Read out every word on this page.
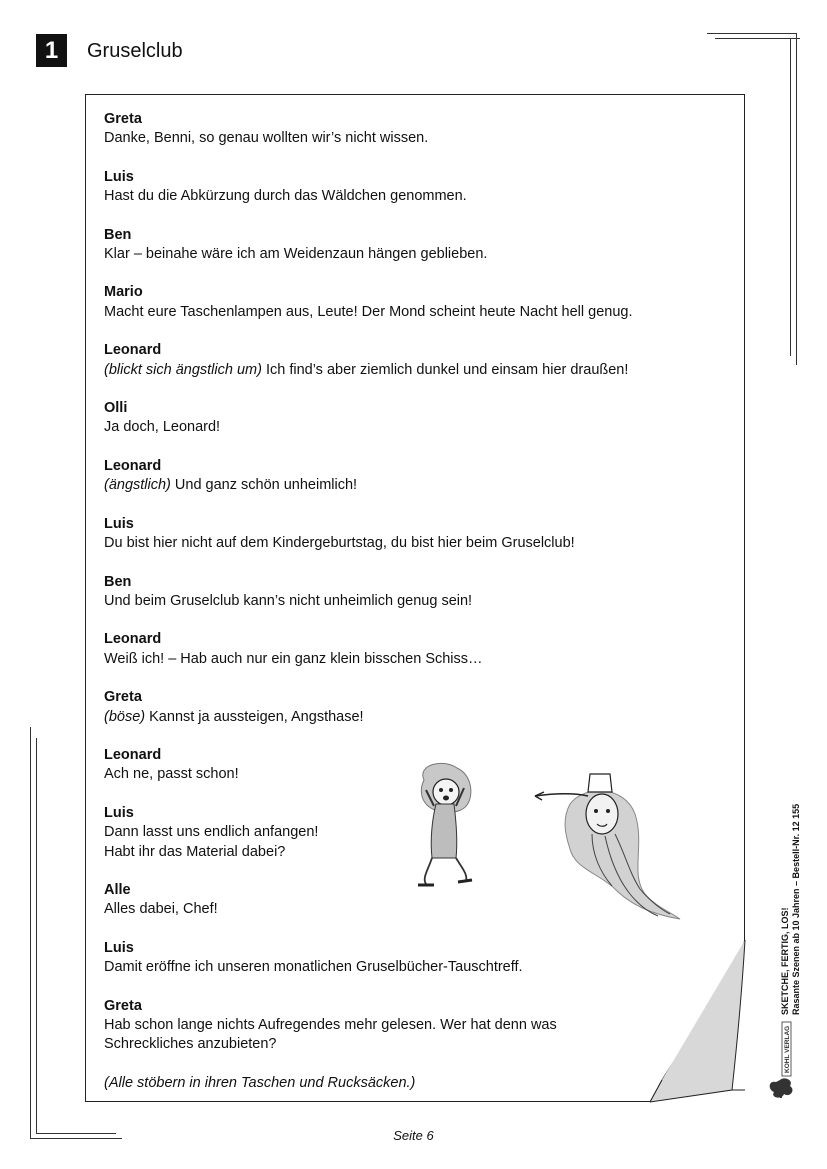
1	Gruselclub
Greta
Danke, Benni, so genau wollten wir’s nicht wissen.
Luis
Hast du die Abkürzung durch das Wäldchen genommen.
Ben
Klar – beinahe wäre ich am Weidenzaun hängen geblieben.
Mario
Macht eure Taschenlampen aus, Leute! Der Mond scheint heute Nacht hell genug.
Leonard
(blickt sich ängstlich um) Ich find’s aber ziemlich dunkel und einsam hier draußen!
Olli
Ja doch, Leonard!
Leonard
(ängstlich) Und ganz schön unheimlich!
Luis
Du bist hier nicht auf dem Kindergeburtstag, du bist hier beim Gruselclub!
Ben
Und beim Gruselclub kann’s nicht unheimlich genug sein!
Leonard
Weiß ich! – Hab auch nur ein ganz klein bisschen Schiss…
Greta
(böse) Kannst ja aussteigen, Angsthase!
Leonard
Ach ne, passt schon!
Luis
Dann lasst uns endlich anfangen!
Habt ihr das Material dabei?
Alle
Alles dabei, Chef!
Luis
Damit eröffne ich unseren monatlichen Gruselbücher-Tauschtreff.
Greta
Hab schon lange nichts Aufregendes mehr gelesen. Wer hat denn was
Schreckliches anzubieten?
(Alle stöbern in ihren Taschen und Rucksäcken.)
Seite 6
SKETCHE, FERTIG, LOS! Rasante Szenen ab 10 Jahren – Bestell-Nr. 12 155
KOHL VERLAG
